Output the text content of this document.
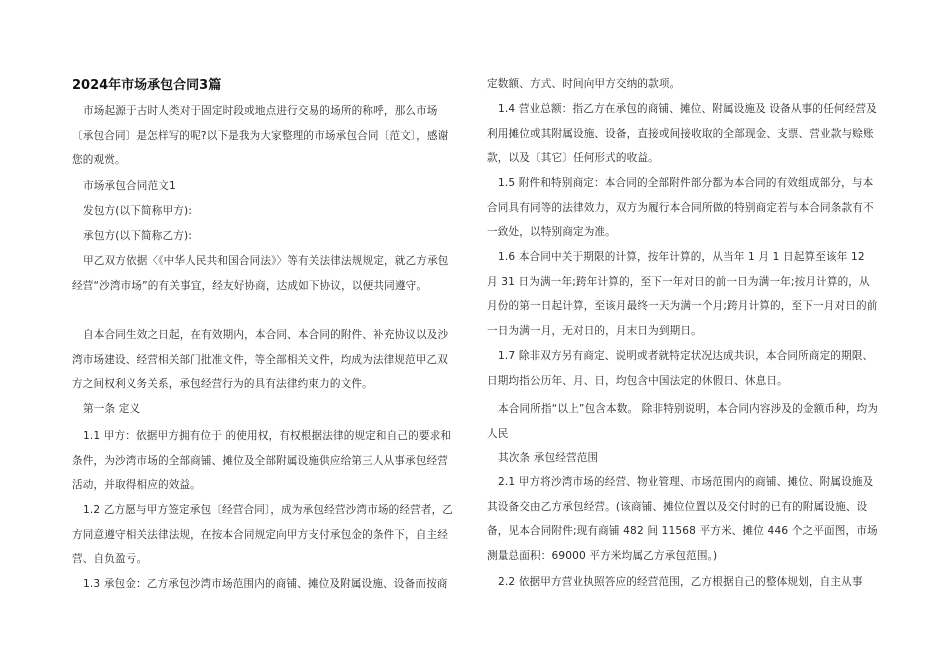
2024年市场承包合同3篇
市场起源于古时人类对于固定时段或地点进行交易的场所的称呼，那么市场〔承包合同〕是怎样写的呢?以下是我为大家整理的市场承包合同〔范文〕，感谢您的观赏。
市场承包合同范文1
发包方(以下简称甲方):
承包方(以下简称乙方):
甲乙双方依据〈《中华人民共和国合同法》〉等有关法律法规规定，就乙方承包经营“沙湾市场”的有关事宜，经友好协商，达成如下协议，以便共同遵守。
自本合同生效之日起，在有效期内，本合同、本合同的附件、补充协议以及沙湾市场建设、经营相关部门批准文件，等全部相关文件，均成为法律规范甲乙双方之间权利义务关系，承包经营行为的具有法律约束力的文件。
第一条 定义
1.1 甲方：依据甲方拥有位于 的使用权，有权根据法律的规定和自己的要求和条件，为沙湾市场的全部商铺、摊位及全部附属设施供应给第三人从事承包经营活动，并取得相应的效益。
1.2 乙方愿与甲方签定承包〔经营合同〕，成为承包经营沙湾市场的经营者，乙方同意遵守相关法律法规，在按本合同规定向甲方支付承包金的条件下，自主经营、自负盈亏。
1.3 承包金：乙方承包沙湾市场范围内的商铺、摊位及附属设施、设备而按商
定数额、方式、时间向甲方交纳的款项。
1.4 营业总额：指乙方在承包的商铺、摊位、附属设施及 设备从事的任何经营及利用摊位或其附属设施、设备，直接或间接收取的全部现金、支票、营业款与赊账款，以及〔其它〕任何形式的收益。
1.5 附件和特别商定：本合同的全部附件部分都为本合同的有效组成部分，与本合同具有同等的法律效力，双方为履行本合同所做的特别商定若与本合同条款有不一致处，以特别商定为准。
1.6 本合同中关于期限的计算，按年计算的，从当年 1 月 1 日起算至该年 12 月 31 日为满一年;跨年计算的，至下一年对日的前一日为满一年;按月计算的，从月份的第一日起计算，至该月最终一天为满一个月;跨月计算的，至下一月对日的前一日为满一月，无对日的，月末日为到期日。
1.7 除非双方另有商定、说明或者就特定状况达成共识，本合同所商定的期限、日期均指公历年、月、日，均包含中国法定的休假日、休息日。
本合同所指“以上”包含本数。 除非特别说明，本合同内容涉及的金额币种，均为人民
其次条 承包经营范围
2.1 甲方将沙湾市场的经营、物业管理、市场范围内的商铺、摊位、附属设施及其设备交由乙方承包经营。(该商铺、摊位位置以及交付时的已有的附属设施、设备，见本合同附件;现有商铺 482 间 11568 平方米、摊位 446 个之平面图，市场测量总面积：69000 平方米均属乙方承包范围。)
2.2 依据甲方营业执照答应的经营范围，乙方根据自己的整体规划，自主从事
